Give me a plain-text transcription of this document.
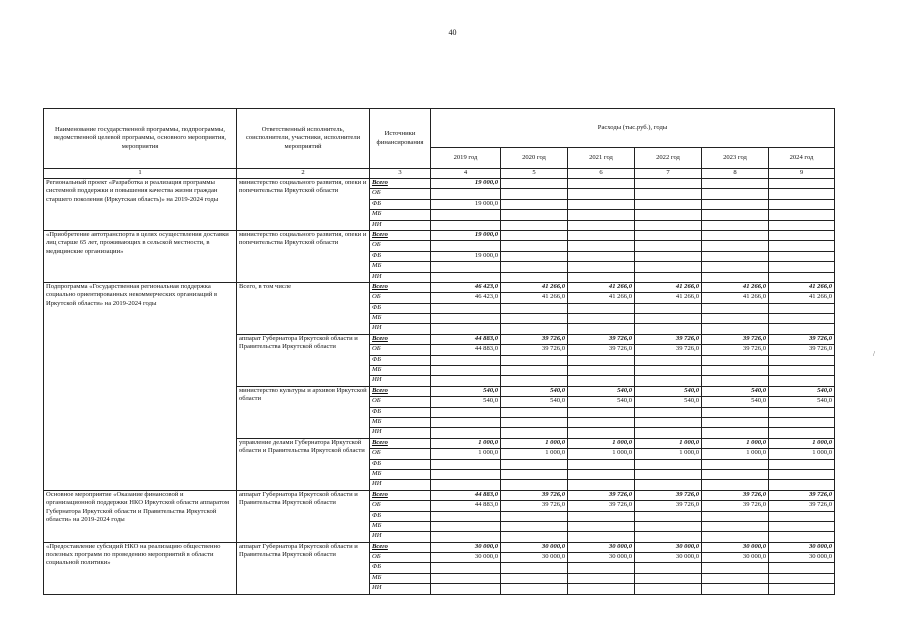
40
Наименование государственной программы, подпрограммы, ведомственной целевой программы, основного мероприятия, мероприятия	Ответственный исполнитель, соисполнители, участники, исполнители мероприятий	Источники финансирования	Расходы (тыс.руб.), годы					
			2019 год	2020 год	2021 год	2022 год	2023 год	2024 год
1	2	3	4	5	6	7	8	9
Региональный проект «Разработка и реализация программы системной поддержки и повышения качества жизни граждан старшего поколения (Иркутская область)» на 2019-2024 годы	министерство социального развития, опеки и попечительства Иркутской области	Всего	19 000,0					
		ОБ						
		ФБ	19 000,0					
		МБ						
		ИИ						
«Приобретение автотранспорта в целях осуществления доставки лиц старше 65 лет, проживающих в сельской местности, в медицинские организации»	министерство социального развития, опеки и попечительства Иркутской области	Всего	19 000,0					
		ОБ						
		ФБ	19 000,0					
		МБ						
		ИИ						
Подпрограмма «Государственная региональная поддержка социально ориентированных некоммерческих организаций в Иркутской области» на 2019-2024 годы	Всего, в том числе	Всего	46 423,0	41 266,0	41 266,0	41 266,0	41 266,0	41 266,0
		ОБ	46 423,0	41 266,0	41 266,0	41 266,0	41 266,0	41 266,0
		ФБ						
		МБ						
		ИИ						
	аппарат Губернатора Иркутской области и Правительства Иркутской области	Всего	44 883,0	39 726,0	39 726,0	39 726,0	39 726,0	39 726,0
		ОБ	44 883,0	39 726,0	39 726,0	39 726,0	39 726,0	39 726,0
		ФБ						
		МБ						
		ИИ						
	министерство культуры и архивов Иркутской области	Всего	540,0	540,0	540,0	540,0	540,0	540,0
		ОБ	540,0	540,0	540,0	540,0	540,0	540,0
		ФБ						
		МБ						
		ИИ						
	управление делами Губернатора Иркутской области и Правительства Иркутской области	Всего	1 000,0	1 000,0	1 000,0	1 000,0	1 000,0	1 000,0
		ОБ	1 000,0	1 000,0	1 000,0	1 000,0	1 000,0	1 000,0
		ФБ						
		МБ						
		ИИ						
Основное мероприятие «Оказание финансовой и организационной поддержки НКО Иркутской области аппаратом Губернатора Иркутской области и Правительства Иркутской области» на 2019-2024 годы	аппарат Губернатора Иркутской области и Правительства Иркутской области	Всего	44 883,0	39 726,0	39 726,0	39 726,0	39 726,0	39 726,0
		ОБ	44 883,0	39 726,0	39 726,0	39 726,0	39 726,0	39 726,0
		ФБ						
		МБ						
		ИИ						
«Предоставление субсидий НКО на реализацию общественно полезных программ по проведению мероприятий в области социальной политики»	аппарат Губернатора Иркутской области и Правительства Иркутской области	Всего	30 000,0	30 000,0	30 000,0	30 000,0	30 000,0	30 000,0
		ОБ	30 000,0	30 000,0	30 000,0	30 000,0	30 000,0	30 000,0
		ФБ						
		МБ						
		ИИ						
/
